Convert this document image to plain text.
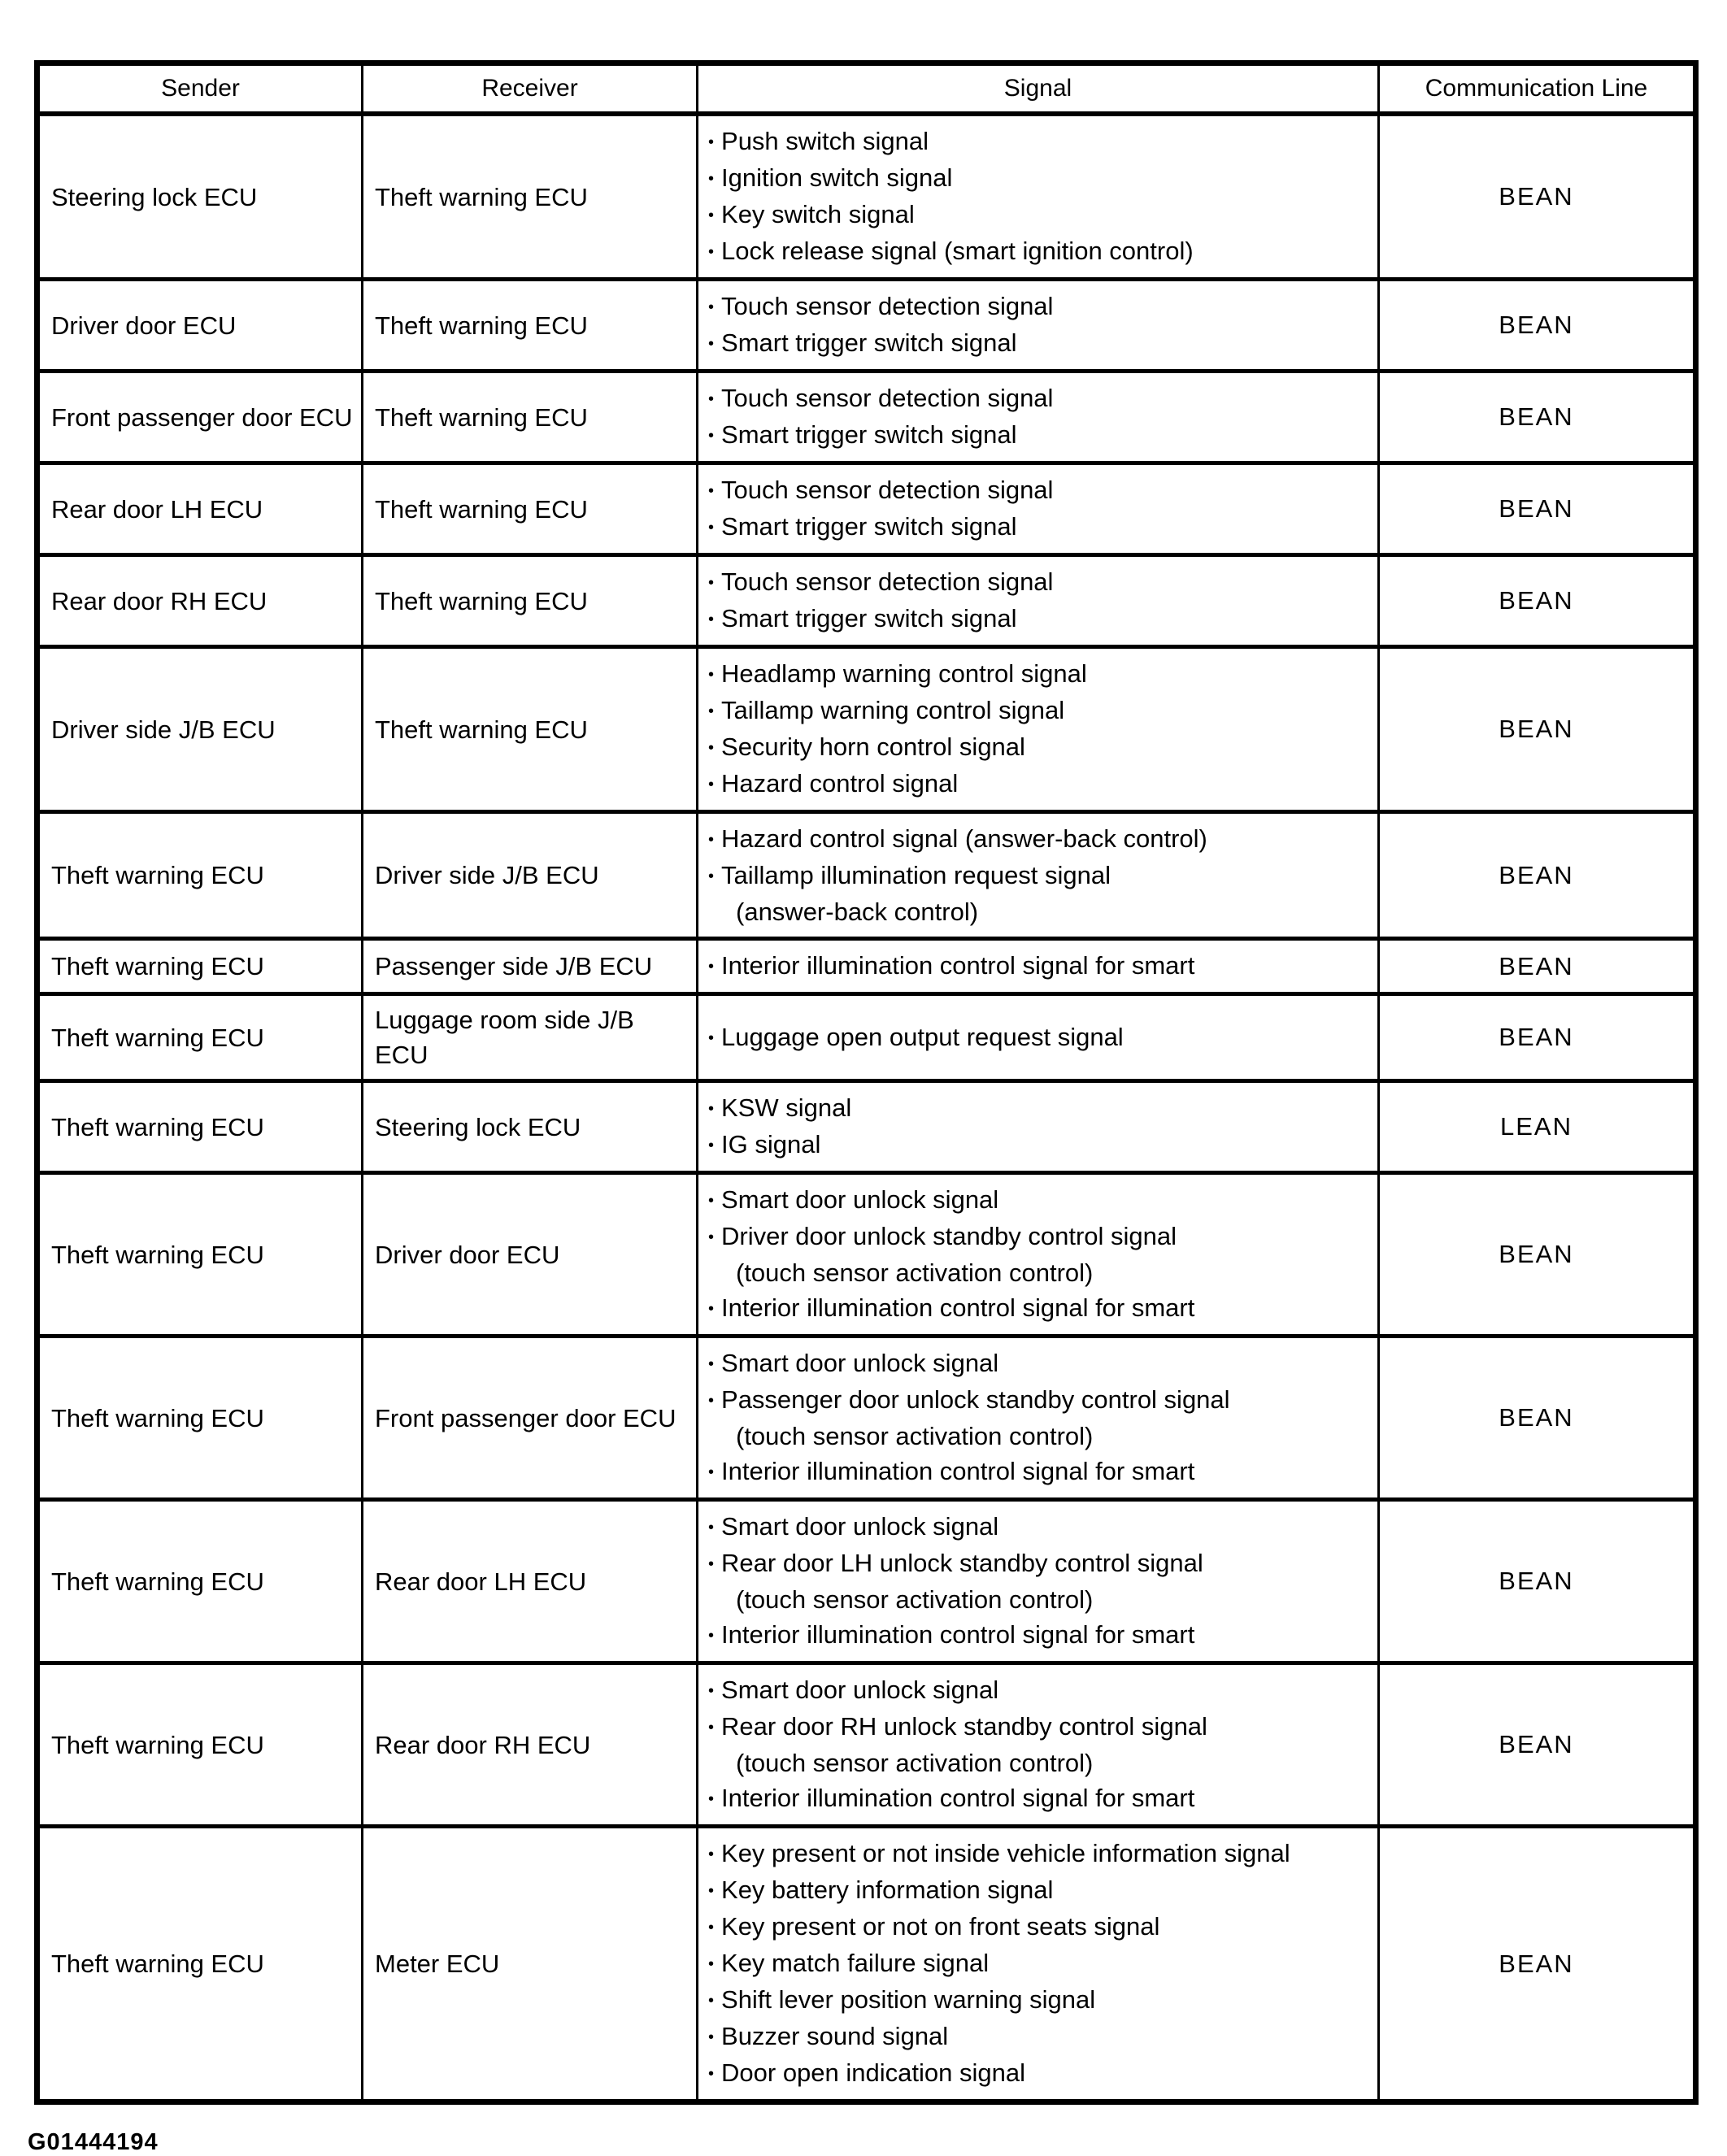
Sender	Receiver	Signal	Communication Line
Steering lock ECU	Theft warning ECU	• Push switch signal
• Ignition switch signal
• Key switch signal
• Lock release signal (smart ignition control)	BEAN
Driver door ECU	Theft warning ECU	• Touch sensor detection signal
• Smart trigger switch signal	BEAN
Front passenger door ECU	Theft warning ECU	• Touch sensor detection signal
• Smart trigger switch signal	BEAN
Rear door LH ECU	Theft warning ECU	• Touch sensor detection signal
• Smart trigger switch signal	BEAN
Rear door RH ECU	Theft warning ECU	• Touch sensor detection signal
• Smart trigger switch signal	BEAN
Driver side J/B ECU	Theft warning ECU	• Headlamp warning control signal
• Taillamp warning control signal
• Security horn control signal
• Hazard control signal	BEAN
Theft warning ECU	Driver side J/B ECU	• Hazard control signal (answer-back control)
• Taillamp illumination request signal
(answer-back control)	BEAN
Theft warning ECU	Passenger side J/B ECU	• Interior illumination control signal for smart	BEAN
Theft warning ECU	Luggage room side J/B ECU	• Luggage open output request signal	BEAN
Theft warning ECU	Steering lock ECU	• KSW signal
• IG signal	LEAN
Theft warning ECU	Driver door ECU	• Smart door unlock signal
• Driver door unlock standby control signal
(touch sensor activation control)
• Interior illumination control signal for smart	BEAN
Theft warning ECU	Front passenger door ECU	• Smart door unlock signal
• Passenger door unlock standby control signal
(touch sensor activation control)
• Interior illumination control signal for smart	BEAN
Theft warning ECU	Rear door LH ECU	• Smart door unlock signal
• Rear door LH unlock standby control signal
(touch sensor activation control)
• Interior illumination control signal for smart	BEAN
Theft warning ECU	Rear door RH ECU	• Smart door unlock signal
• Rear door RH unlock standby control signal
(touch sensor activation control)
• Interior illumination control signal for smart	BEAN
Theft warning ECU	Meter ECU	
• Key present or not inside vehicle information signal
• Key battery information signal
• Key present or not on front seats signal
• Key match failure signal
• Shift lever position warning signal
• Buzzer sound signal
• Door open indication signal
	BEAN
G01444194
